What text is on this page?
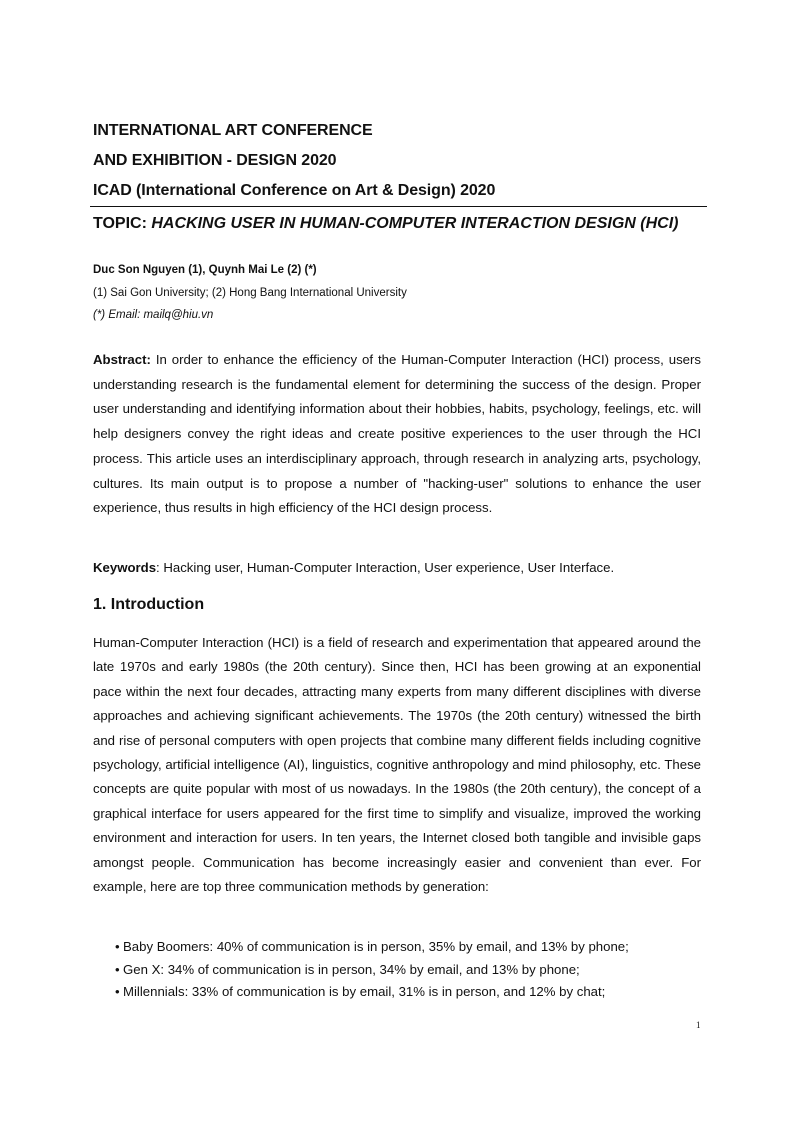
INTERNATIONAL ART CONFERENCE
AND EXHIBITION - DESIGN 2020
ICAD (International Conference on Art & Design) 2020
TOPIC: HACKING USER IN HUMAN-COMPUTER INTERACTION DESIGN (HCI)
Duc Son Nguyen (1), Quynh Mai Le (2) (*)
(1) Sai Gon University; (2) Hong Bang International University
(*) Email: mailq@hiu.vn
Abstract: In order to enhance the efficiency of the Human-Computer Interaction (HCI) process, users understanding research is the fundamental element for determining the success of the design. Proper user understanding and identifying information about their hobbies, habits, psychology, feelings, etc. will help designers convey the right ideas and create positive experiences to the user through the HCI process. This article uses an interdisciplinary approach, through research in analyzing arts, psychology, cultures. Its main output is to propose a number of "hacking-user" solutions to enhance the user experience, thus results in high efficiency of the HCI design process.
Keywords: Hacking user, Human-Computer Interaction, User experience, User Interface.
1. Introduction
Human-Computer Interaction (HCI) is a field of research and experimentation that appeared around the late 1970s and early 1980s (the 20th century). Since then, HCI has been growing at an exponential pace within the next four decades, attracting many experts from many different disciplines with diverse approaches and achieving significant achievements. The 1970s (the 20th century) witnessed the birth and rise of personal computers with open projects that combine many different fields including cognitive psychology, artificial intelligence (AI), linguistics, cognitive anthropology and mind philosophy, etc. These concepts are quite popular with most of us nowadays. In the 1980s (the 20th century), the concept of a graphical interface for users appeared for the first time to simplify and visualize, improved the working environment and interaction for users. In ten years, the Internet closed both tangible and invisible gaps amongst people. Communication has become increasingly easier and convenient than ever. For example, here are top three communication methods by generation:
• Baby Boomers: 40% of communication is in person, 35% by email, and 13% by phone;
• Gen X: 34% of communication is in person, 34% by email, and 13% by phone;
• Millennials: 33% of communication is by email, 31% is in person, and 12% by chat;
1
